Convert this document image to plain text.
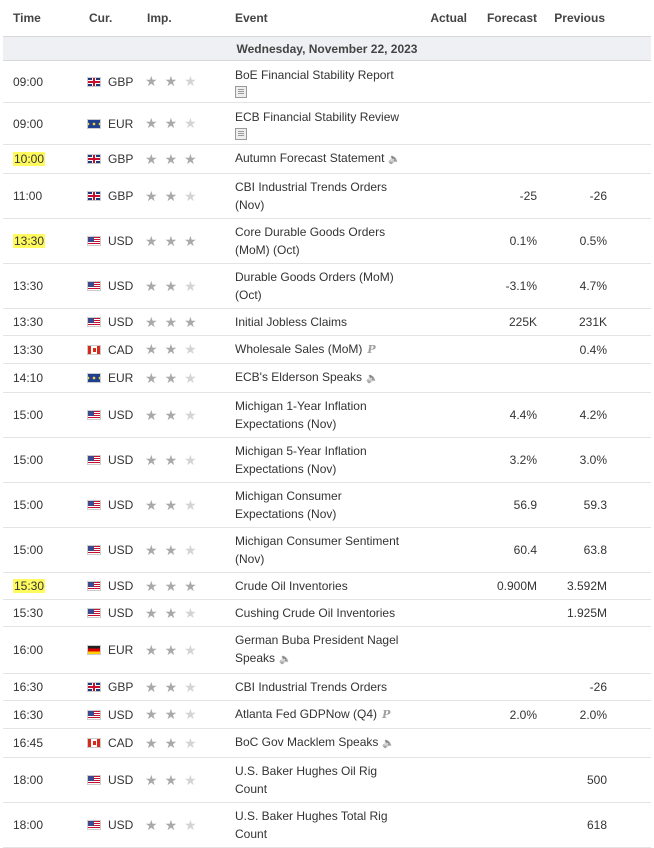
Time	Cur.	Imp.	Event	Actual	Forecast	Previous
Wednesday, November 22, 2023						
09:00	GBP	★ ★ ★	BoE Financial Stability Report

09:00	EUR	★ ★ ★	ECB Financial Stability Review

10:00	GBP	★ ★ ★	Autumn Forecast Statement 🔈			
11:00	GBP	★ ★ ★	CBI Industrial Trends Orders (Nov)		-25	-26
13:30	USD	★ ★ ★	Core Durable Goods Orders (MoM) (Oct)		0.1%	0.5%
13:30	USD	★ ★ ★	Durable Goods Orders (MoM) (Oct)		-3.1%	4.7%
13:30	USD	★ ★ ★	Initial Jobless Claims		225K	231K
13:30	CAD	★ ★ ★	Wholesale Sales (MoM) P			0.4%
14:10	EUR	★ ★ ★	ECB's Elderson Speaks 🔈			
15:00	USD	★ ★ ★	Michigan 1-Year Inflation Expectations (Nov)		4.4%	4.2%
15:00	USD	★ ★ ★	Michigan 5-Year Inflation Expectations (Nov)		3.2%	3.0%
15:00	USD	★ ★ ★	Michigan Consumer Expectations (Nov)		56.9	59.3
15:00	USD	★ ★ ★	Michigan Consumer Sentiment (Nov)		60.4	63.8
15:30	USD	★ ★ ★	Crude Oil Inventories		0.900M	3.592M
15:30	USD	★ ★ ★	Cushing Crude Oil Inventories			1.925M
16:00	EUR	★ ★ ★	German Buba President Nagel Speaks 🔈			
16:30	GBP	★ ★ ★	CBI Industrial Trends Orders			-26
16:30	USD	★ ★ ★	Atlanta Fed GDPNow (Q4) P		2.0%	2.0%
16:45	CAD	★ ★ ★	BoC Gov Macklem Speaks 🔈			
18:00	USD	★ ★ ★	U.S. Baker Hughes Oil Rig Count			500
18:00	USD	★ ★ ★	U.S. Baker Hughes Total Rig Count			618
